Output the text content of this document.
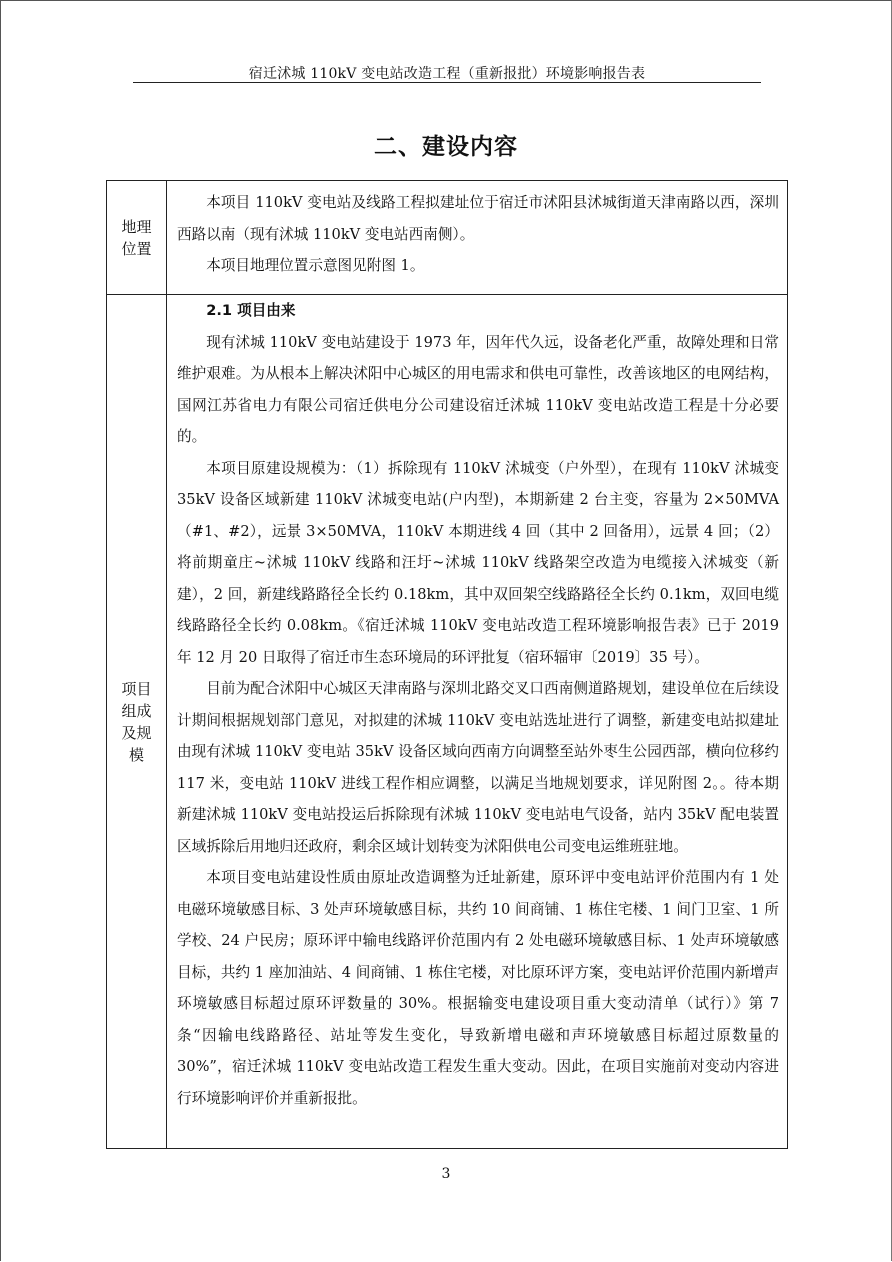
宿迁沭城 110kV 变电站改造工程（重新报批）环境影响报告表
二、建设内容
地理位置	本项目 110kV 变电站及线路工程拟建址位于宿迁市沭阳县沭城街道天津南路以西，深圳西路以南（现有沭城 110kV 变电站西南侧）。

本项目地理位置示意图见附图 1。

项目组成及规模	2.1 项目由来

现有沭城 110kV 变电站建设于 1973 年，因年代久远，设备老化严重，故障处理和日常维护艰难。为从根本上解决沭阳中心城区的用电需求和供电可靠性，改善该地区的电网结构，国网江苏省电力有限公司宿迁供电分公司建设宿迁沭城 110kV 变电站改造工程是十分必要的。

本项目原建设规模为：（1）拆除现有 110kV 沭城变（户外型），在现有 110kV 沭城变 35kV 设备区域新建 110kV 沭城变电站(户内型)，本期新建 2 台主变，容量为 2×50MVA（#1、#2），远景 3×50MVA，110kV 本期进线 4 回（其中 2 回备用），远景 4 回；（2）将前期童庄~沭城 110kV 线路和汪圩~沭城 110kV 线路架空改造为电缆接入沭城变（新建），2 回，新建线路路径全长约 0.18km，其中双回架空线路路径全长约 0.1km，双回电缆线路路径全长约 0.08km。《宿迁沭城 110kV 变电站改造工程环境影响报告表》已于 2019 年 12 月 20 日取得了宿迁市生态环境局的环评批复（宿环辐审〔2019〕35 号）。

目前为配合沭阳中心城区天津南路与深圳北路交叉口西南侧道路规划，建设单位在后续设计期间根据规划部门意见，对拟建的沭城 110kV 变电站选址进行了调整，新建变电站拟建址由现有沭城 110kV 变电站 35kV 设备区域向西南方向调整至站外枣生公园西部，横向位移约 117 米，变电站 110kV 进线工程作相应调整，以满足当地规划要求，详见附图 2。。待本期新建沭城 110kV 变电站投运后拆除现有沭城 110kV 变电站电气设备，站内 35kV 配电装置区域拆除后用地归还政府，剩余区域计划转变为沭阳供电公司变电运维班驻地。

本项目变电站建设性质由原址改造调整为迁址新建，原环评中变电站评价范围内有 1 处电磁环境敏感目标、3 处声环境敏感目标，共约 10 间商铺、1 栋住宅楼、1 间门卫室、1 所学校、24 户民房；原环评中输电线路评价范围内有 2 处电磁环境敏感目标、1 处声环境敏感目标，共约 1 座加油站、4 间商铺、1 栋住宅楼，对比原环评方案，变电站评价范围内新增声环境敏感目标超过原环评数量的 30%。根据输变电建设项目重大变动清单（试行）》第 7 条“因输电线路路径、站址等发生变化，导致新增电磁和声环境敏感目标超过原数量的 30%”，宿迁沭城 110kV 变电站改造工程发生重大变动。因此，在项目实施前对变动内容进行环境影响评价并重新报批。

3
